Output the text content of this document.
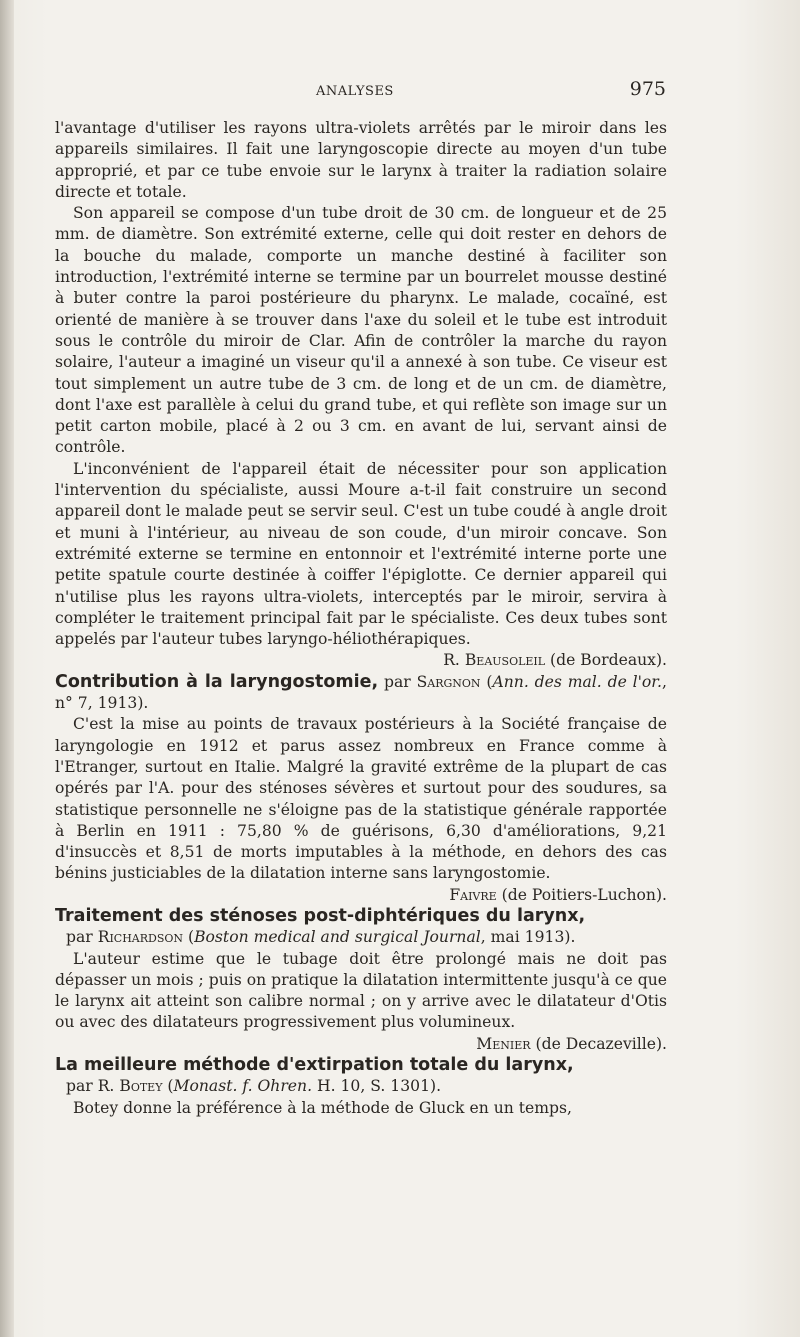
ANALYSES	975

l'avantage d'utiliser les rayons ultra-violets arrêtés par le miroir dans les appareils similaires. Il fait une laryngoscopie directe au moyen d'un tube approprié, et par ce tube envoie sur le larynx à traiter la radiation solaire directe et totale.

Son appareil se compose d'un tube droit de 30 cm. de longueur et de 25 mm. de diamètre. Son extrémité externe, celle qui doit rester en dehors de la bouche du malade, comporte un manche destiné à faciliter son introduction, l'extrémité interne se termine par un bourrelet mousse destiné à buter contre la paroi postérieure du pharynx. Le malade, cocaïné, est orienté de manière à se trouver dans l'axe du soleil et le tube est introduit sous le contrôle du miroir de Clar. Afin de contrôler la marche du rayon solaire, l'auteur a imaginé un viseur qu'il a annexé à son tube. Ce viseur est tout simplement un autre tube de 3 cm. de long et de un cm. de diamètre, dont l'axe est parallèle à celui du grand tube, et qui reflète son image sur un petit carton mobile, placé à 2 ou 3 cm. en avant de lui, servant ainsi de contrôle.

L'inconvénient de l'appareil était de nécessiter pour son application l'intervention du spécialiste, aussi Moure a-t-il fait construire un second appareil dont le malade peut se servir seul. C'est un tube coudé à angle droit et muni à l'intérieur, au niveau de son coude, d'un miroir concave. Son extrémité externe se termine en entonnoir et l'extrémité interne porte une petite spatule courte destinée à coiffer l'épiglotte. Ce dernier appareil qui n'utilise plus les rayons ultra-violets, interceptés par le miroir, servira à compléter le traitement principal fait par le spécialiste. Ces deux tubes sont appelés par l'auteur tubes laryngo-héliothérapiques.

R. Beausoleil (de Bordeaux).

Contribution à la laryngostomie, par Sargnon (Ann. des mal. de l'or., n° 7, 1913).

C'est la mise au points de travaux postérieurs à la Société française de laryngologie en 1912 et parus assez nombreux en France comme à l'Etranger, surtout en Italie. Malgré la gravité extrême de la plupart de cas opérés par l'A. pour des sténoses sévères et surtout pour des soudures, sa statistique personnelle ne s'éloigne pas de la statistique générale rapportée à Berlin en 1911 : 75,80 % de guérisons, 6,30 d'améliorations, 9,21 d'insuccès et 8,51 de morts imputables à la méthode, en dehors des cas bénins justiciables de la dilatation interne sans laryngostomie.

Faivre (de Poitiers-Luchon).

Traitement des sténoses post-diphtériques du larynx,

par Richardson (Boston medical and surgical Journal, mai 1913).

L'auteur estime que le tubage doit être prolongé mais ne doit pas dépasser un mois ; puis on pratique la dilatation intermittente jusqu'à ce que le larynx ait atteint son calibre normal ; on y arrive avec le dilatateur d'Otis ou avec des dilatateurs progressivement plus volumineux.

Menier (de Decazeville).

La meilleure méthode d'extirpation totale du larynx,

par R. Botey (Monast. f. Ohren. H. 10, S. 1301).

Botey donne la préférence à la méthode de Gluck en un temps,
